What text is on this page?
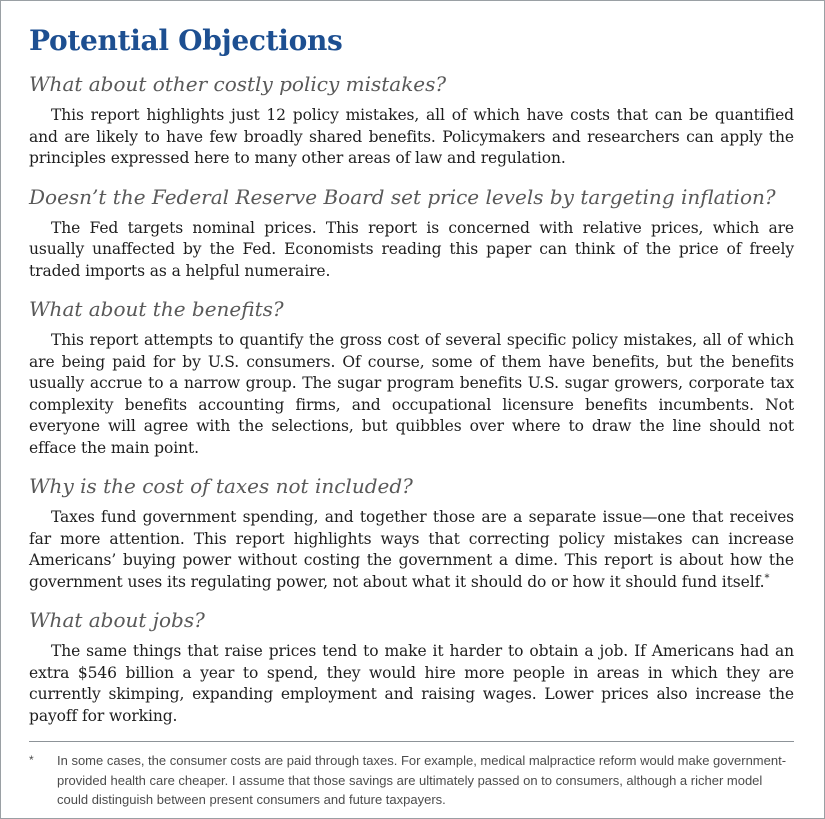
Potential Objections
What about other costly policy mistakes?

This report highlights just 12 policy mistakes, all of which have costs that can be quantified and are likely to have few broadly shared benefits. Policymakers and researchers can apply the principles expressed here to many other areas of law and regulation.

Doesn’t the Federal Reserve Board set price levels by targeting inflation?

The Fed targets nominal prices. This report is concerned with relative prices, which are usually unaffected by the Fed. Economists reading this paper can think of the price of freely traded imports as a helpful numeraire.

What about the benefits?

This report attempts to quantify the gross cost of several specific policy mistakes, all of which are being paid for by U.S. consumers. Of course, some of them have benefits, but the benefits usually accrue to a narrow group. The sugar program benefits U.S. sugar growers, corporate tax complexity benefits accounting firms, and occupational licensure benefits incumbents. Not everyone will agree with the selections, but quibbles over where to draw the line should not efface the main point.

Why is the cost of taxes not included?

Taxes fund government spending, and together those are a separate issue—one that receives far more attention. This report highlights ways that correcting policy mistakes can increase Americans’ buying power without costing the government a dime. This report is about how the government uses its regulating power, not about what it should do or how it should fund itself.*

What about jobs?

The same things that raise prices tend to make it harder to obtain a job. If Americans had an extra $546 billion a year to spend, they would hire more people in areas in which they are currently skimping, expanding employment and raising wages. Lower prices also increase the payoff for working.

*	In some cases, the consumer costs are paid through taxes. For example, medical malpractice reform would make government-provided health care cheaper. I assume that those savings are ultimately passed on to consumers, although a richer model could distinguish between present consumers and future taxpayers.
